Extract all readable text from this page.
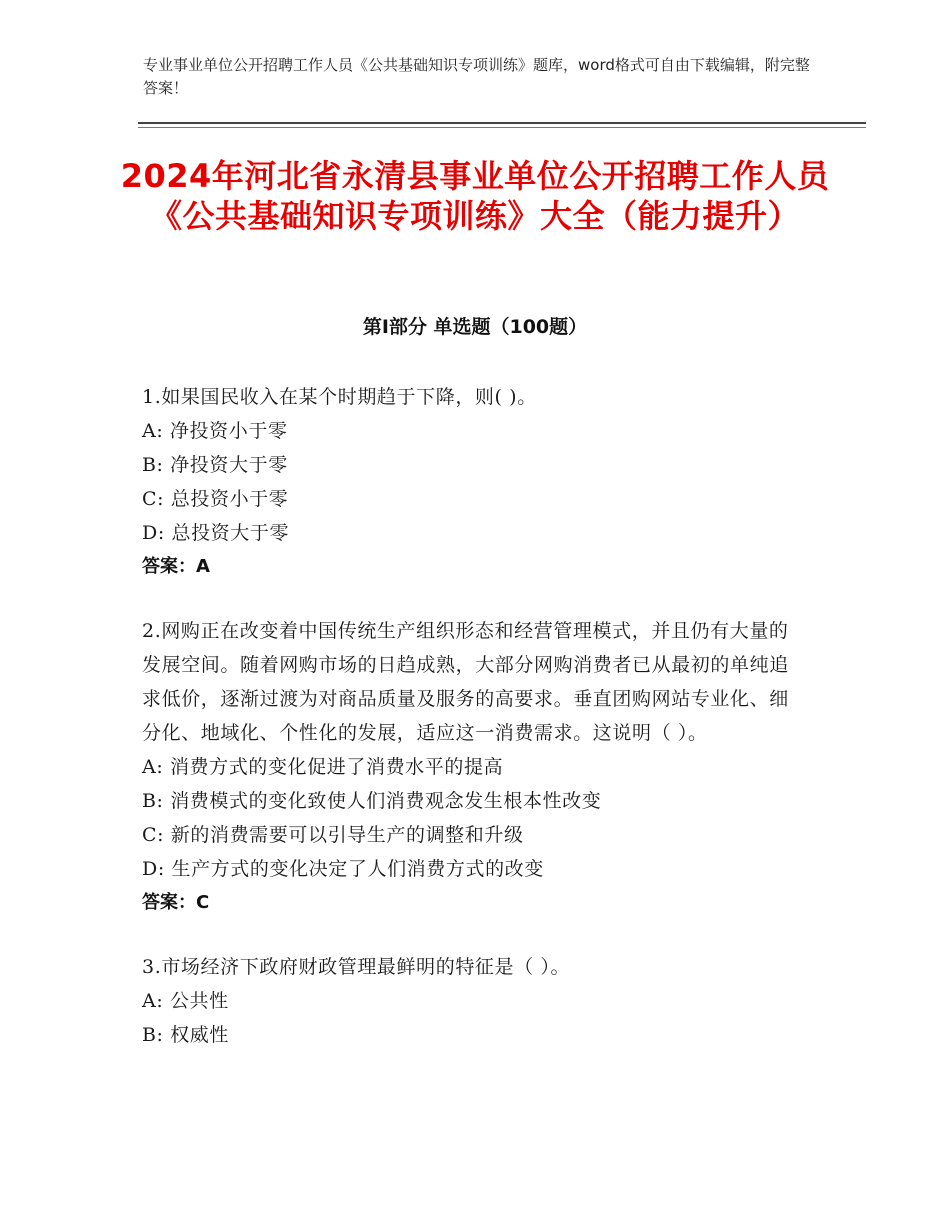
专业事业单位公开招聘工作人员《公共基础知识专项训练》题库，word格式可自由下载编辑，附完整答案！
2024年河北省永清县事业单位公开招聘工作人员《公共基础知识专项训练》大全（能力提升）
第Ⅰ部分 单选题（100题）

1.如果国民收入在某个时期趋于下降，则( )。

A: 净投资小于零

B: 净投资大于零

C: 总投资小于零

D: 总投资大于零

答案：A

2.网购正在改变着中国传统生产组织形态和经营管理模式，并且仍有大量的发展空间。随着网购市场的日趋成熟，大部分网购消费者已从最初的单纯追求低价，逐渐过渡为对商品质量及服务的高要求。垂直团购网站专业化、细分化、地域化、个性化的发展，适应这一消费需求。这说明（ ）。

A: 消费方式的变化促进了消费水平的提高

B: 消费模式的变化致使人们消费观念发生根本性改变

C: 新的消费需要可以引导生产的调整和升级

D: 生产方式的变化决定了人们消费方式的改变

答案：C

3.市场经济下政府财政管理最鲜明的特征是（ ）。

A: 公共性

B: 权威性
